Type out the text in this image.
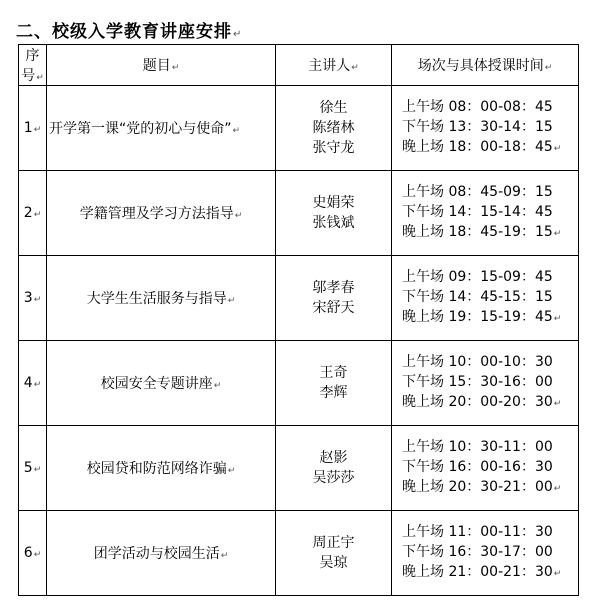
二、校级入学教育讲座安排↵
序号↵	题目↵	主讲人↵	场次与具体授课时间↵
1↵	开学第一课“党的初心与使命”↵	徐生
陈绪林
张守龙	上午场 08：00-08：45
下午场 13：30-14：15
晚上场 18：00-18：45↵

2↵	学籍管理及学习方法指导↵	史娟荣
张钱斌	上午场 08：45-09：15
下午场 14：15-14：45
晚上场 18：45-19：15↵

3↵	大学生生活服务与指导↵	邬孝春
宋舒天	上午场 09：15-09：45
下午场 14：45-15：15
晚上场 19：15-19：45↵

4↵	校园安全专题讲座↵	王奇
李辉	上午场 10：00-10：30
下午场 15：30-16：00
晚上场 20：00-20：30↵

5↵	校园贷和防范网络诈骗↵	赵影
吴莎莎	上午场 10：30-11：00
下午场 16：00-16：30
晚上场 20：30-21：00↵

6↵	团学活动与校园生活↵	周正宇
吴琼	上午场 11：00-11：30
下午场 16：30-17：00
晚上场 21：00-21：30↵
